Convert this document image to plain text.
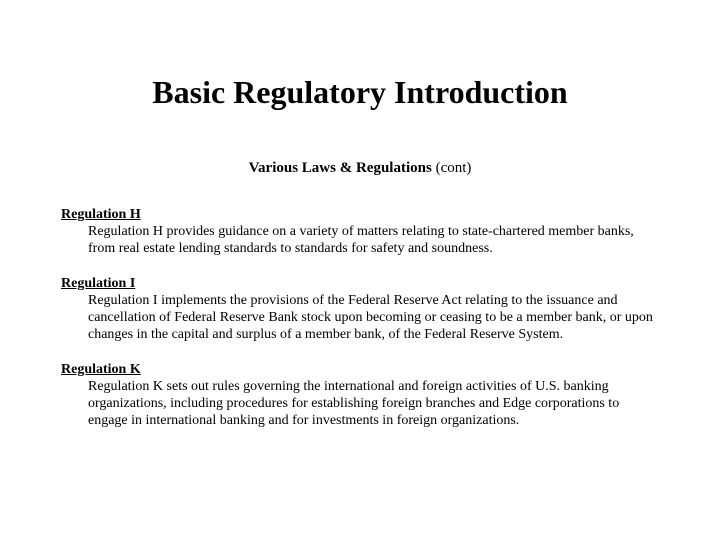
Basic Regulatory Introduction
Various Laws & Regulations (cont)
Regulation H
Regulation H provides guidance on a variety of matters relating to state-chartered member banks, from real estate lending standards to standards for safety and soundness.
Regulation I
Regulation I implements the provisions of the Federal Reserve Act relating to the issuance and cancellation of Federal Reserve Bank stock upon becoming or ceasing to be a member bank, or upon changes in the capital and surplus of a member bank, of the Federal Reserve System.
Regulation K
Regulation K sets out rules governing the international and foreign activities of U.S. banking organizations, including procedures for establishing foreign branches and Edge corporations to engage in international banking and for investments in foreign organizations.
